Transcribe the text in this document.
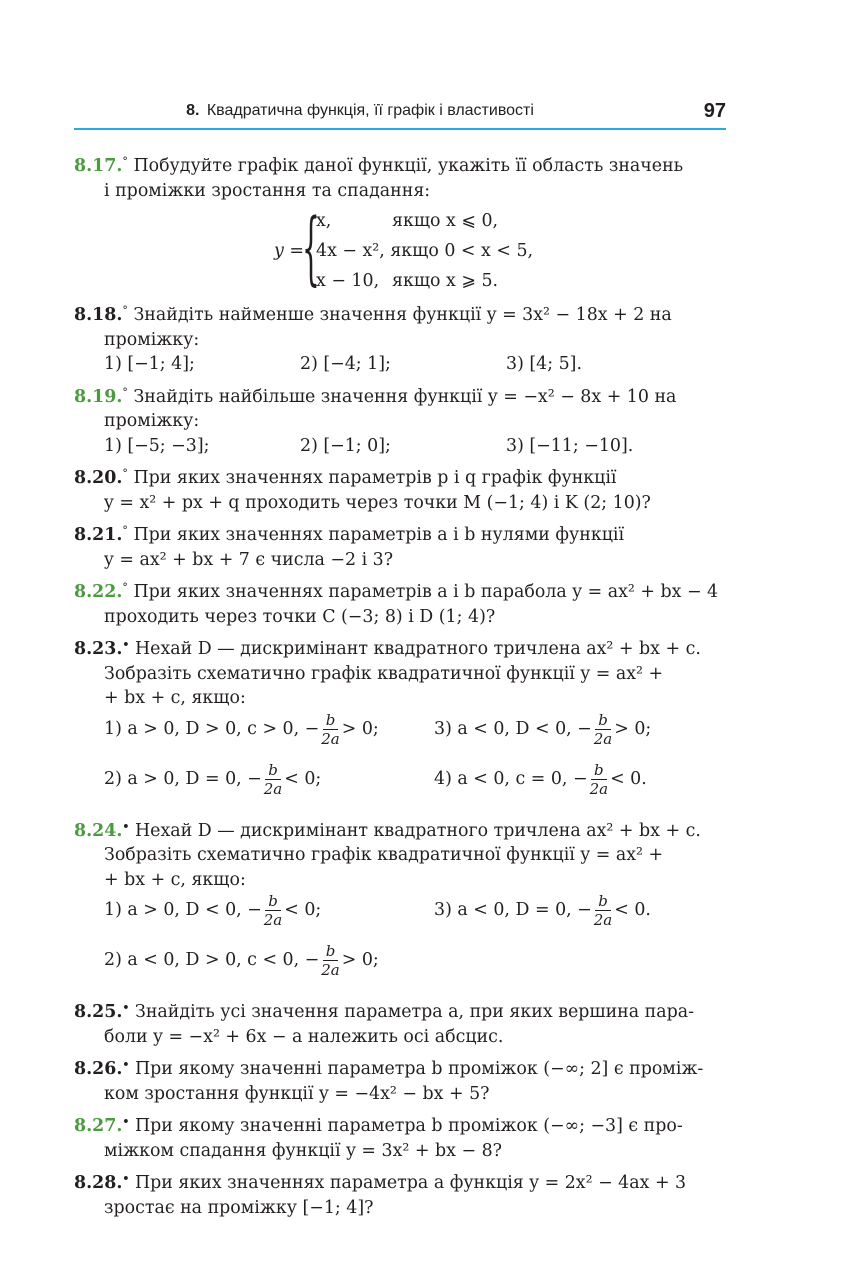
8. Квадратична функція, її графік і властивості	97
8.17.° Побудуйте графік даної функції, укажіть її область значень
і проміжки зростання та спадання:
y =
{
x,	якщо x ⩽ 0,
4x − x², якщо 0 < x < 5,
x − 10, якщо x ⩾ 5.
8.18.° Знайдіть найменше значення функції y = 3x² − 18x + 2 на
проміжку:
1) [−1; 4];	2) [−4; 1];	3) [4; 5].
8.19.° Знайдіть найбільше значення функції y = −x² − 8x + 10 на
проміжку:
1) [−5; −3];	2) [−1; 0];	3) [−11; −10].
8.20.° При яких значеннях параметрів p і q графік функції
y = x² + px + q проходить через точки M (−1; 4) і K (2; 10)?
8.21.° При яких значеннях параметрів a і b нулями функції
y = ax² + bx + 7 є числа −2 і 3?
8.22.° При яких значеннях параметрів a і b парабола y = ax² + bx − 4
проходить через точки C (−3; 8) і D (1; 4)?
8.23.• Нехай D — дискримінант квадратного тричлена ax² + bx + c.
Зобразіть схематично графік квадратичної функції y = ax² +
+ bx + c, якщо:
1) a > 0, D > 0, c > 0, − $\frac{b}{2a} > 0$;	3) a < 0, D < 0, − $\frac{b}{2a} > 0$;
2) a > 0, D = 0, − $\frac{b}{2a} < 0$;	4) a < 0, c = 0, − $\frac{b}{2a} < 0$.
8.24.• Нехай D — дискримінант квадратного тричлена ax² + bx + c.
Зобразіть схематично графік квадратичної функції y = ax² +
+ bx + c, якщо:
1) a > 0, D < 0, − $\frac{b}{2a} < 0$;	3) a < 0, D = 0, − $\frac{b}{2a} < 0$.
2) a < 0, D > 0, c < 0, − $\frac{b}{2a} > 0$;
8.25.• Знайдіть усі значення параметра a, при яких вершина пара-
боли y = −x² + 6x − a належить осі абсцис.
8.26.• При якому значенні параметра b проміжок (−∞; 2] є проміж-
ком зростання функції y = −4x² − bx + 5?
8.27.• При якому значенні параметра b проміжок (−∞; −3] є про-
міжком спадання функції y = 3x² + bx − 8?
8.28.• При яких значеннях параметра a функція y = 2x² − 4ax + 3
зростає на проміжку [−1; 4]?
